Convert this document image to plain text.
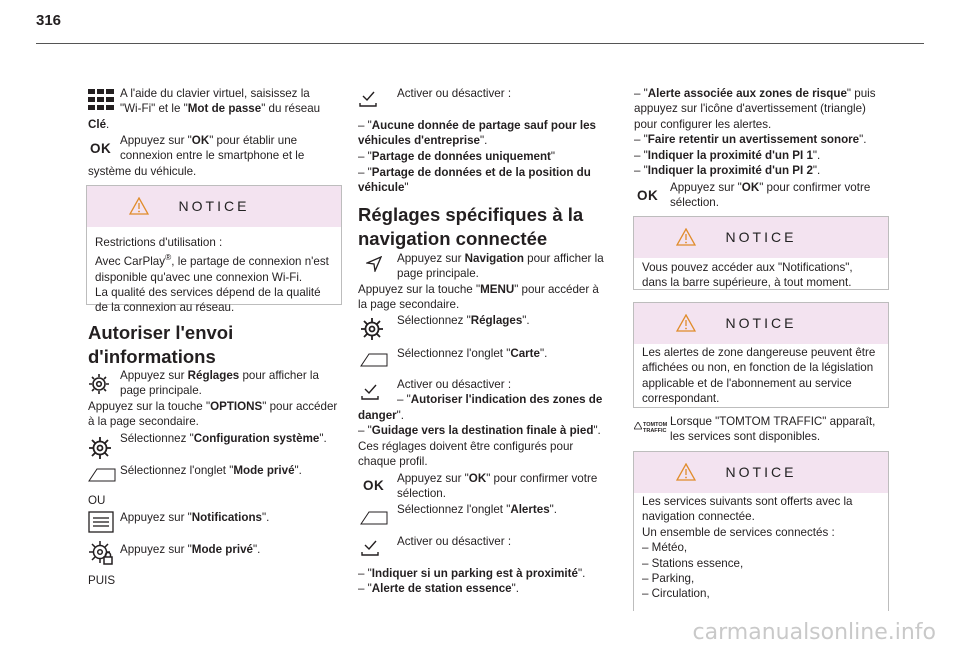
316

A l'aide du clavier virtuel, saisissez la
"Wi-Fi" et le "Mot de passe" du réseau

Clé.

OK

Appuyez sur "OK" pour établir une
connexion entre le smartphone et le

système du véhicule.

NOTICE
Restrictions d'utilisation :
Avec CarPlay®, le partage de connexion n'est
disponible qu'avec une connexion Wi-Fi.
La qualité des services dépend de la qualité
de la connexion au réseau.
Autoriser l'envoi
d'informations

Appuyez sur Réglages pour afficher la
page principale.

Appuyez sur la touche "OPTIONS" pour accéder
à la page secondaire.

Sélectionnez "Configuration système".

Sélectionnez l'onglet "Mode privé".

OU

Appuyez sur "Notifications".

Appuyez sur "Mode privé".

PUIS

Activer ou désactiver :

– "Aucune donnée de partage sauf pour les
véhicules d'entreprise".

– "Partage de données uniquement"

– "Partage de données et de la position du
véhicule"

Réglages spécifiques à la
navigation connectée

Appuyez sur Navigation pour afficher la
page principale.

Appuyez sur la touche "MENU" pour accéder à
la page secondaire.

Sélectionnez "Réglages".

Sélectionnez l'onglet "Carte".

Activer ou désactiver :
– "Autoriser l'indication des zones de

danger".
– "Guidage vers la destination finale à pied".
Ces réglages doivent être configurés pour
chaque profil.

OK Appuyez sur "OK" pour confirmer votre
sélection.
Sélectionnez l'onglet "Alertes".

Activer ou désactiver :

– "Indiquer si un parking est à proximité".
– "Alerte de station essence".

– "Alerte associée aux zones de risque" puis
appuyez sur l'icône d'avertissement (triangle)
pour configurer les alertes.
– "Faire retentir un avertissement sonore".
– "Indiquer la proximité d'un PI 1".
– "Indiquer la proximité d'un PI 2".

OK

Appuyez sur "OK" pour confirmer votre
sélection.

NOTICE
Vous pouvez accéder aux "Notifications",
dans la barre supérieure, à tout moment.
NOTICE
Les alertes de zone dangereuse peuvent être
affichées ou non, en fonction de la législation
applicable et de l'abonnement au service
correspondant.
TOMTOM
TRAFFIC

Lorsque "TOMTOM TRAFFIC" apparaît,
les services sont disponibles.

NOTICE
Les services suivants sont offerts avec la
navigation connectée.
Un ensemble de services connectés :
– Météo,
– Stations essence,
– Parking,
– Circulation,
carmanualsonline.info
